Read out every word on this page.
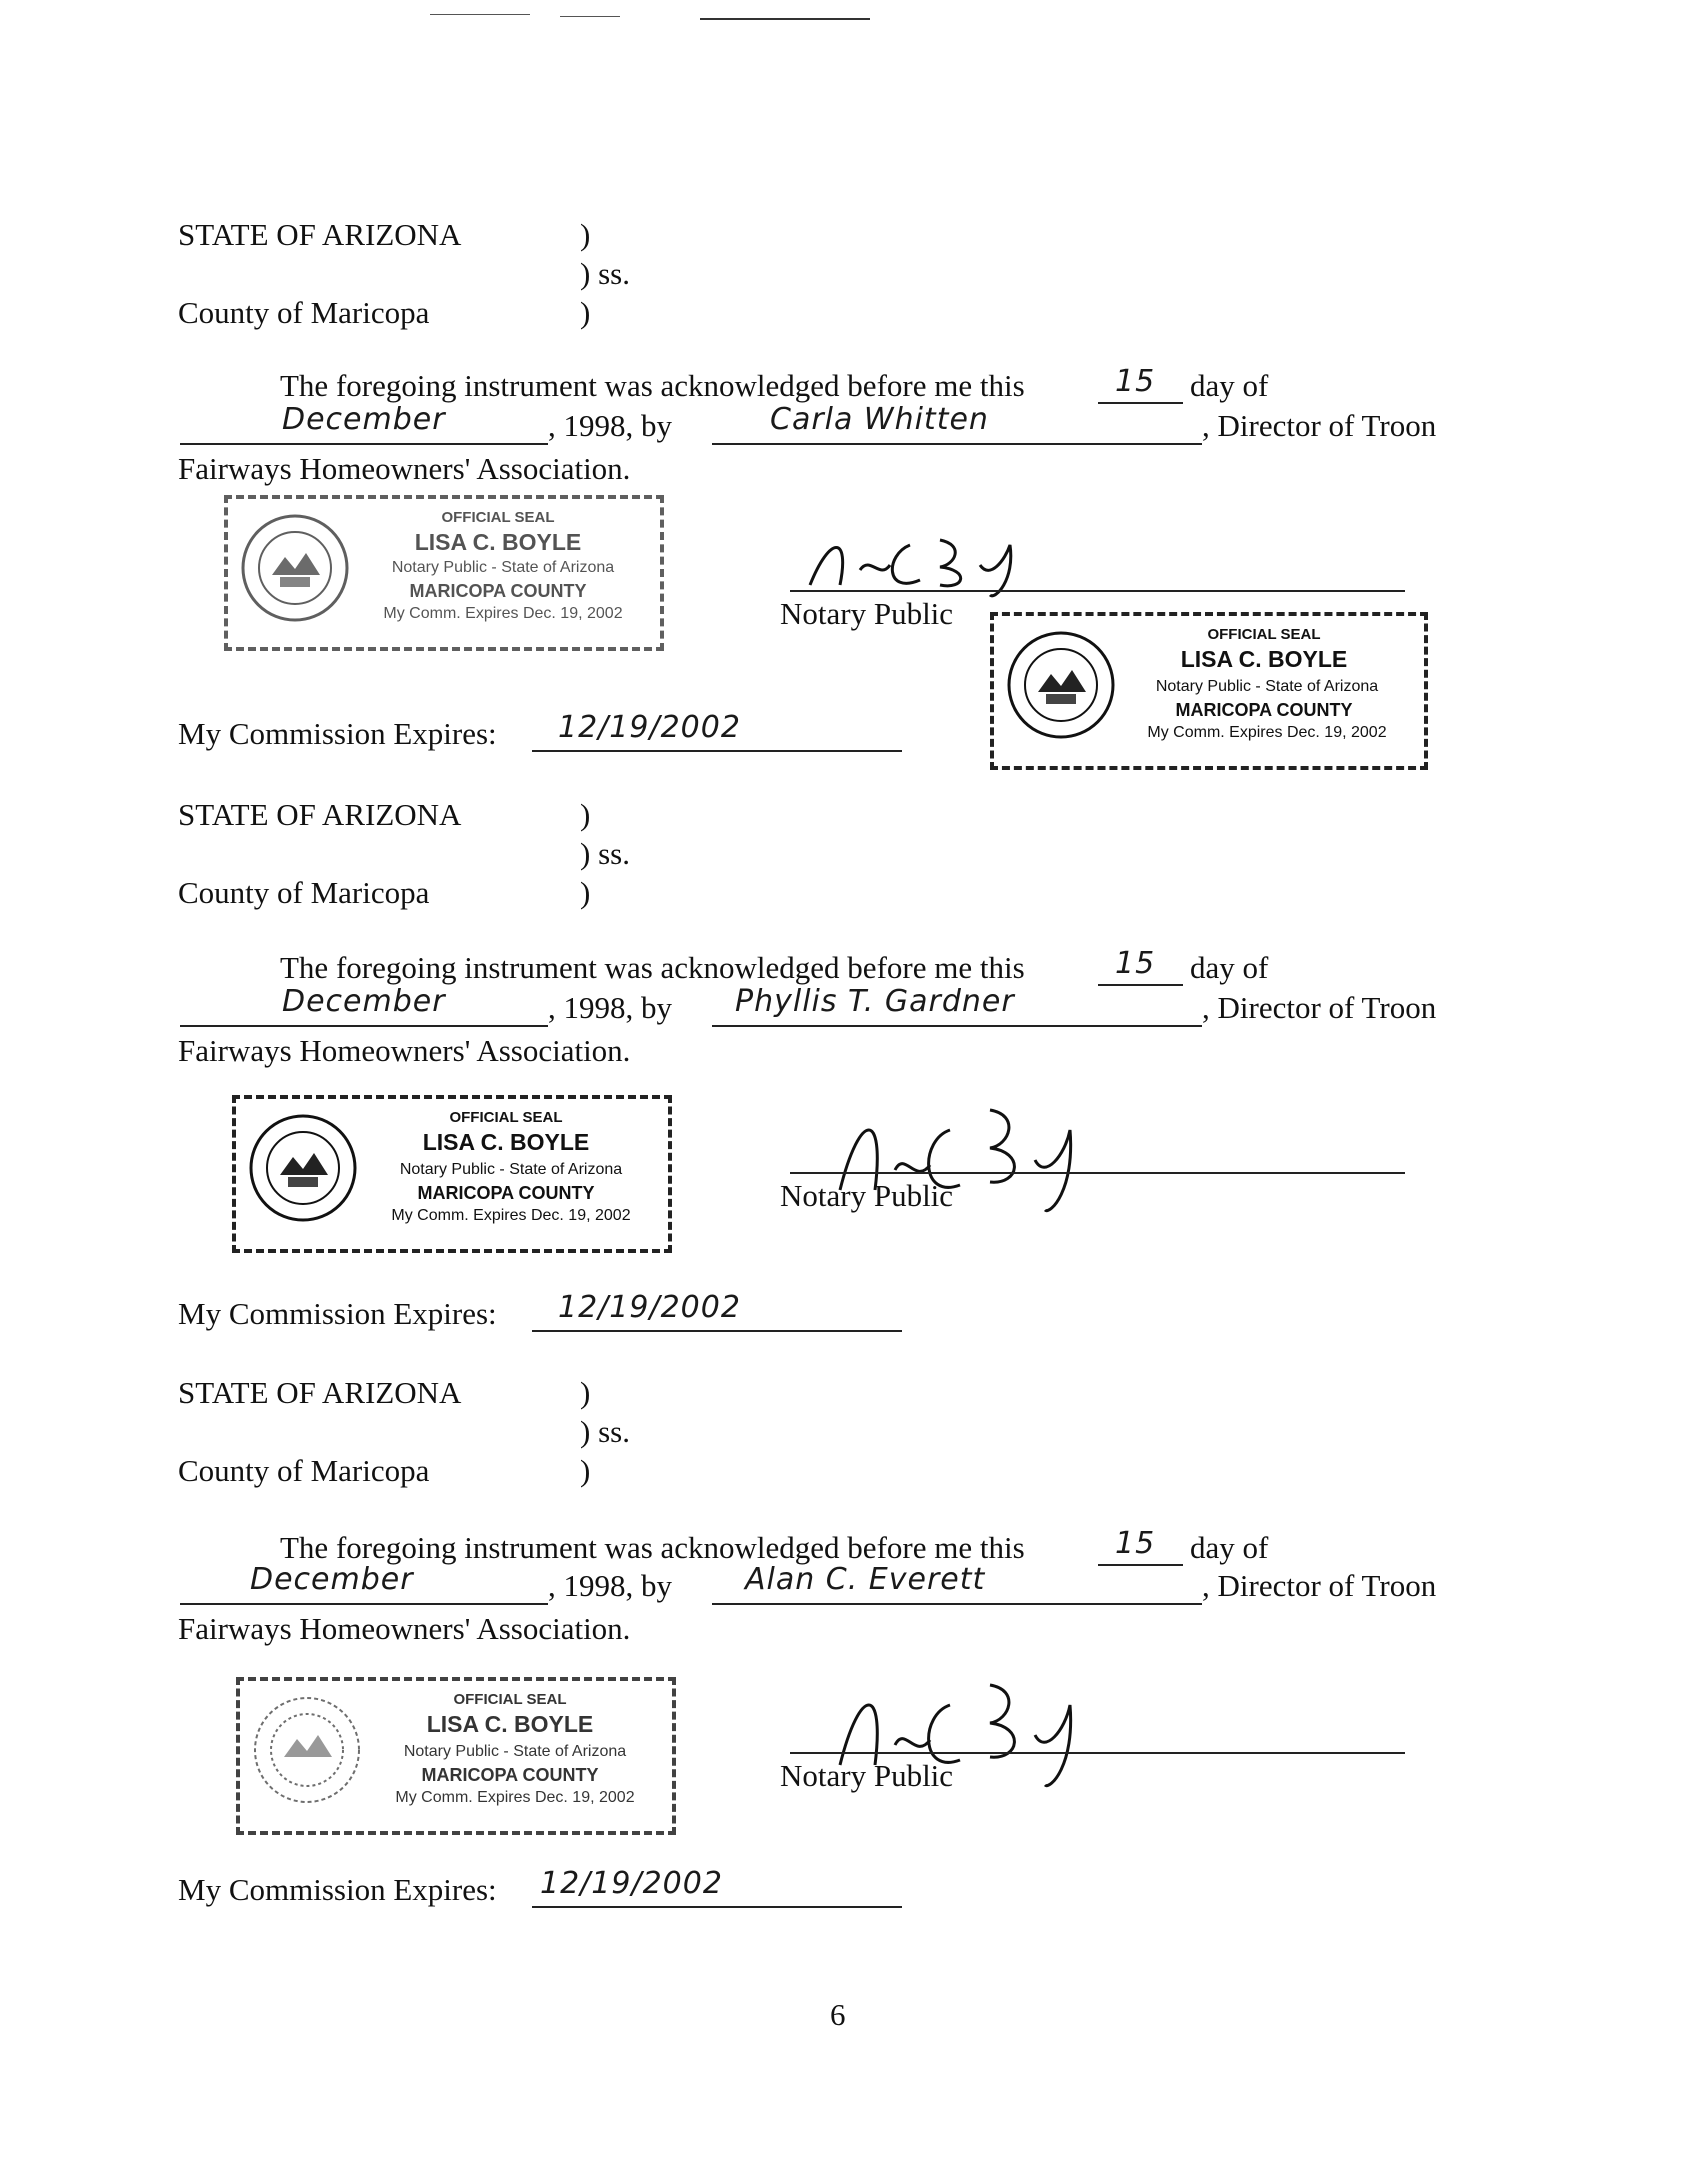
STATE OF ARIZONA	)
) ss.
County of Maricopa	)
The foregoing instrument was acknowledged before me this	15 day of
December	, 1998, by	Carla Whitten	, Director of Troon
Fairways Homeowners' Association.
OFFICIAL SEAL
LISA C. BOYLE
Notary Public - State of Arizona
MARICOPA COUNTY
My Comm. Expires Dec. 19, 2002	Notary Public
OFFICIAL SEAL
LISA C. BOYLE
Notary Public - State of Arizona
MARICOPA COUNTY
My Comm. Expires Dec. 19, 2002
My Commission Expires: 12/19/2002
STATE OF ARIZONA	)
) ss.
County of Maricopa	)
The foregoing instrument was acknowledged before me this	15 day of
December	, 1998, by Phyllis T. Gardner	, Director of Troon
Fairways Homeowners' Association.
OFFICIAL SEAL
LISA C. BOYLE
Notary Public - State of Arizona
MARICOPA COUNTY
My Comm. Expires Dec. 19, 2002
Notary Public
My Commission Expires: 12/19/2002
STATE OF ARIZONA	)
) ss.
County of Maricopa	)
The foregoing instrument was acknowledged before me this	15 day of
December	, 1998, by Alan C. Everett	, Director of Troon
Fairways Homeowners' Association.
OFFICIAL SEAL
LISA C. BOYLE
Notary Public - State of Arizona
MARICOPA COUNTY
My Comm. Expires Dec. 19, 2002
Notary Public
My Commission Expires: 12/19/2002
6
